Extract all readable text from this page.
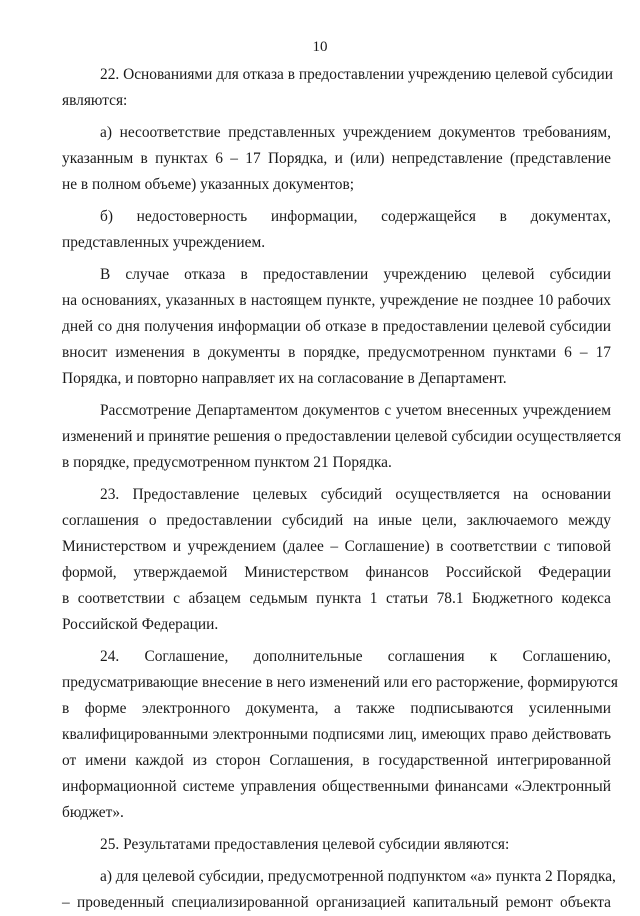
10
22. Основаниями для отказа в предоставлении учреждению целевой субсидии
являются:
а) несоответствие представленных учреждением документов требованиям,
указанным в пунктах 6 – 17 Порядка, и (или) непредставление (представление
не в полном объеме) указанных документов;
б) недостоверность информации, содержащейся в документах,
представленных учреждением.
В случае отказа в предоставлении учреждению целевой субсидии
на основаниях, указанных в настоящем пункте, учреждение не позднее 10 рабочих
дней со дня получения информации об отказе в предоставлении целевой субсидии
вносит изменения в документы в порядке, предусмотренном пунктами 6 – 17
Порядка, и повторно направляет их на согласование в Департамент.
Рассмотрение Департаментом документов с учетом внесенных учреждением
изменений и принятие решения о предоставлении целевой субсидии осуществляется
в порядке, предусмотренном пунктом 21 Порядка.
23. Предоставление целевых субсидий осуществляется на основании
соглашения о предоставлении субсидий на иные цели, заключаемого между
Министерством и учреждением (далее – Соглашение) в соответствии с типовой
формой, утверждаемой Министерством финансов Российской Федерации
в соответствии с абзацем седьмым пункта 1 статьи 78.1 Бюджетного кодекса
Российской Федерации.
24. Соглашение, дополнительные соглашения к Соглашению,
предусматривающие внесение в него изменений или его расторжение, формируются
в форме электронного документа, а также подписываются усиленными
квалифицированными электронными подписями лиц, имеющих право действовать
от имени каждой из сторон Соглашения, в государственной интегрированной
информационной системе управления общественными финансами «Электронный
бюджет».
25. Результатами предоставления целевой субсидии являются:
а) для целевой субсидии, предусмотренной подпунктом «а» пункта 2 Порядка,
– проведенный специализированной организацией капитальный ремонт объекта
